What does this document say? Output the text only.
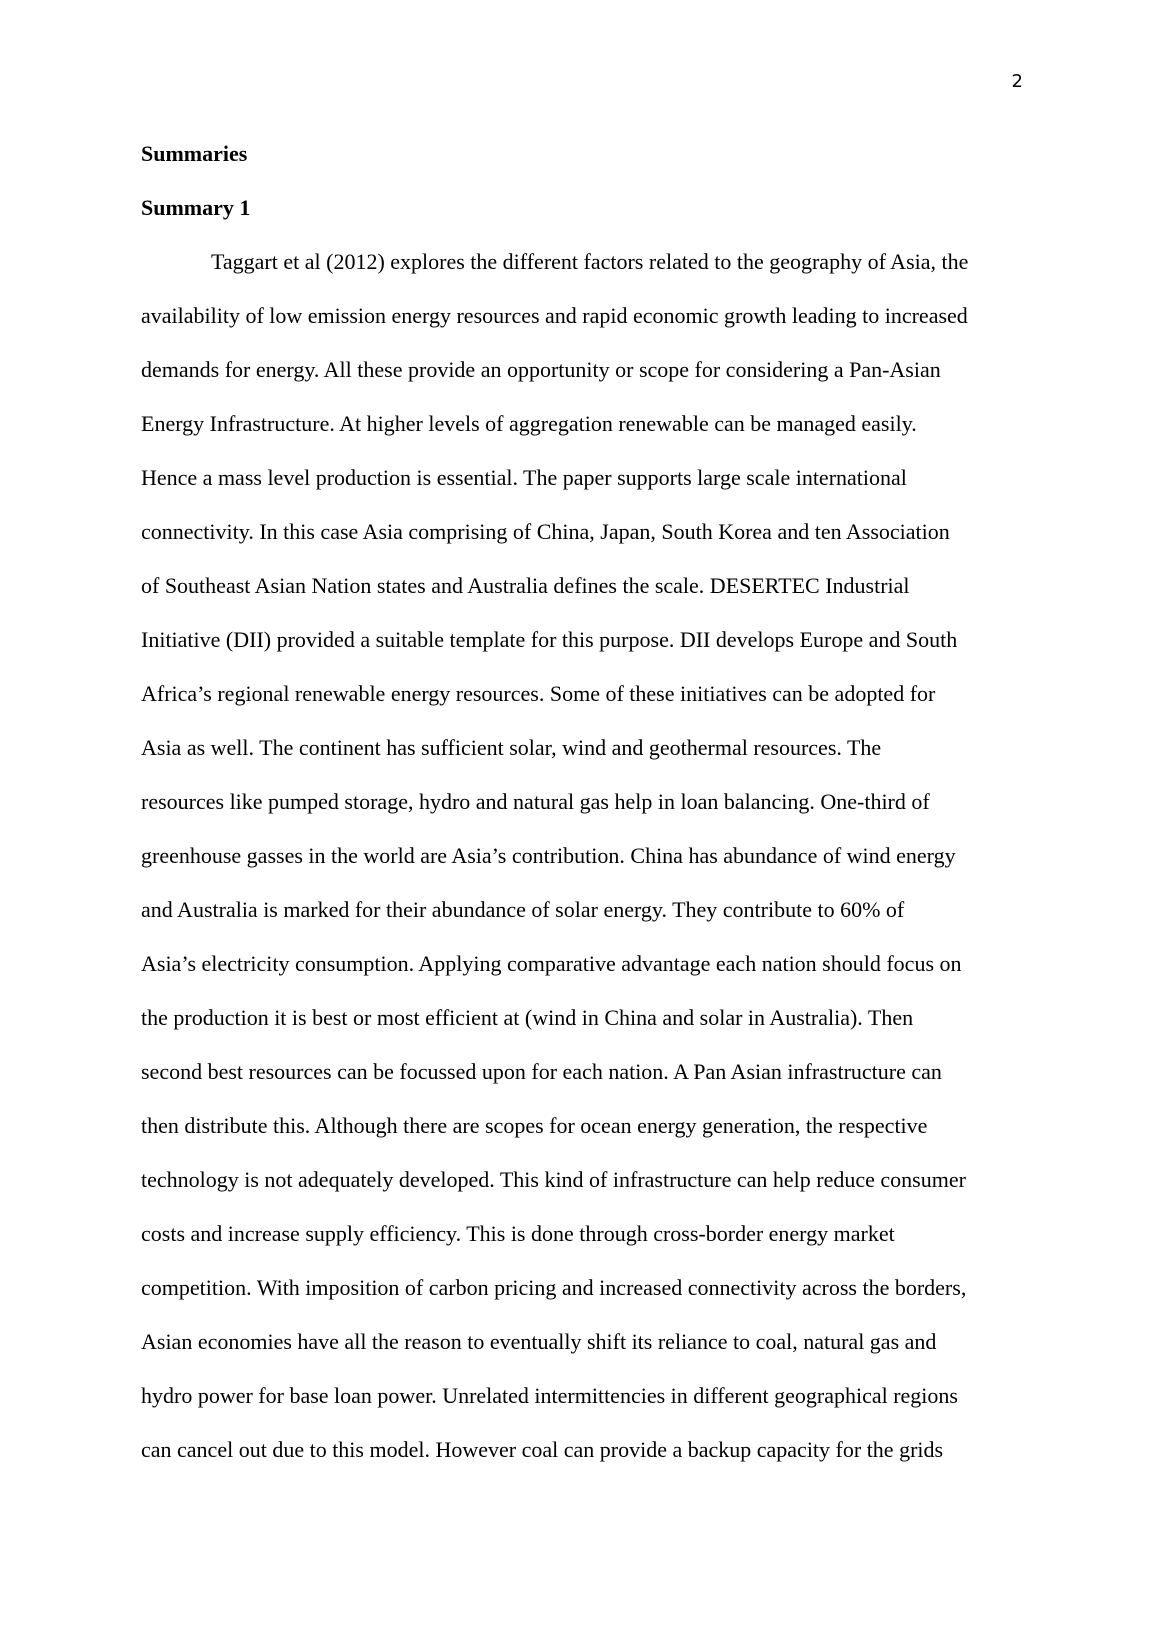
2
Summaries
Summary 1
Taggart et al (2012) explores the different factors related to the geography of Asia, the
availability of low emission energy resources and rapid economic growth leading to increased
demands for energy. All these provide an opportunity or scope for considering a Pan-Asian
Energy Infrastructure. At higher levels of aggregation renewable can be managed easily.
Hence a mass level production is essential. The paper supports large scale international
connectivity. In this case Asia comprising of China, Japan, South Korea and ten Association
of Southeast Asian Nation states and Australia defines the scale. DESERTEC Industrial
Initiative (DII) provided a suitable template for this purpose. DII develops Europe and South
Africa’s regional renewable energy resources. Some of these initiatives can be adopted for
Asia as well. The continent has sufficient solar, wind and geothermal resources. The
resources like pumped storage, hydro and natural gas help in loan balancing. One-third of
greenhouse gasses in the world are Asia’s contribution. China has abundance of wind energy
and Australia is marked for their abundance of solar energy. They contribute to 60% of
Asia’s electricity consumption. Applying comparative advantage each nation should focus on
the production it is best or most efficient at (wind in China and solar in Australia). Then
second best resources can be focussed upon for each nation. A Pan Asian infrastructure can
then distribute this. Although there are scopes for ocean energy generation, the respective
technology is not adequately developed. This kind of infrastructure can help reduce consumer
costs and increase supply efficiency. This is done through cross-border energy market
competition. With imposition of carbon pricing and increased connectivity across the borders,
Asian economies have all the reason to eventually shift its reliance to coal, natural gas and
hydro power for base loan power. Unrelated intermittencies in different geographical regions
can cancel out due to this model. However coal can provide a backup capacity for the grids
